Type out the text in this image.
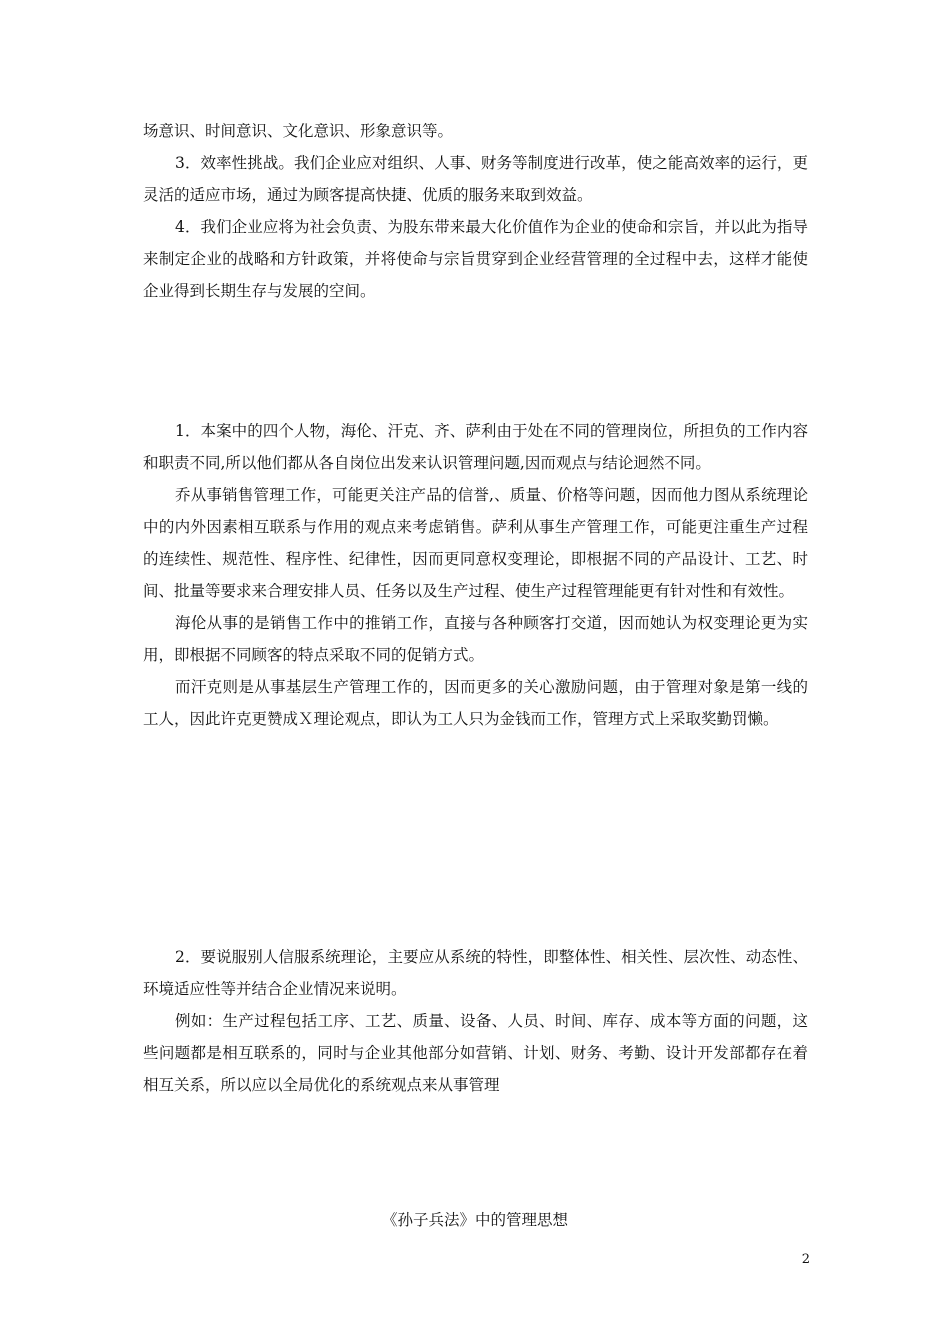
场意识、时间意识、文化意识、形象意识等。

3．效率性挑战。我们企业应对组织、人事、财务等制度进行改革，使之能高效率的运行，更灵活的适应市场，通过为顾客提高快捷、优质的服务来取到效益。

4．我们企业应将为社会负责、为股东带来最大化价值作为企业的使命和宗旨，并以此为指导来制定企业的战略和方针政策，并将使命与宗旨贯穿到企业经营管理的全过程中去，这样才能使企业得到长期生存与发展的空间。

1．本案中的四个人物，海伦、汗克、齐、萨利由于处在不同的管理岗位，所担负的工作内容和职责不同,所以他们都从各自岗位出发来认识管理问题,因而观点与结论迥然不同。

乔从事销售管理工作，可能更关注产品的信誉,、质量、价格等问题，因而他力图从系统理论中的内外因素相互联系与作用的观点来考虑销售。萨利从事生产管理工作，可能更注重生产过程的连续性、规范性、程序性、纪律性，因而更同意权变理论，即根据不同的产品设计、工艺、时间、批量等要求来合理安排人员、任务以及生产过程、使生产过程管理能更有针对性和有效性。

海伦从事的是销售工作中的推销工作，直接与各种顾客打交道，因而她认为权变理论更为实用，即根据不同顾客的特点采取不同的促销方式。

而汗克则是从事基层生产管理工作的，因而更多的关心激励问题，由于管理对象是第一线的工人，因此许克更赞成Ｘ理论观点，即认为工人只为金钱而工作，管理方式上采取奖勤罚懒。

2．要说服别人信服系统理论，主要应从系统的特性，即整体性、相关性、层次性、动态性、环境适应性等并结合企业情况来说明。

例如：生产过程包括工序、工艺、质量、设备、人员、时间、库存、成本等方面的问题，这些问题都是相互联系的，同时与企业其他部分如营销、计划、财务、考勤、设计开发部都存在着相互关系，所以应以全局优化的系统观点来从事管理

《孙子兵法》中的管理思想
2
